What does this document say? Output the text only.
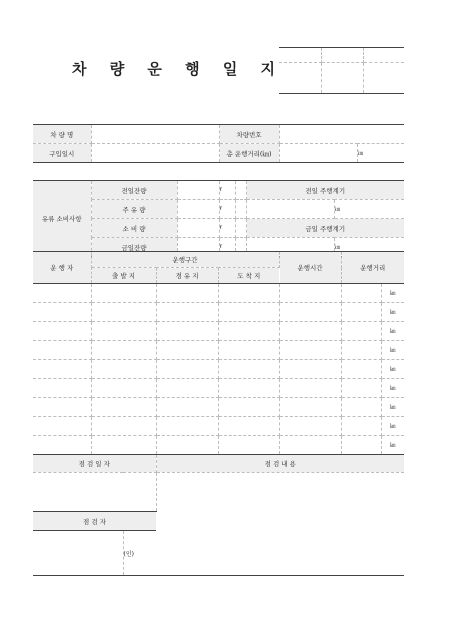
차 량 운 행 일 지

차 량 명		차량번호		
구입일시		총 운행거리(㎞)		㎞
유류 소비사항	전일잔량		ℓ		전일 주행계기	
	주 유 량		ℓ			㎞
	소 비 량		ℓ		금일 주행계기	
	금일잔량		ℓ			㎞
운 행 자	운행구간			운행시간	운행거리	
	출 발 지	경 유 지	도 착 지			
						㎞
						㎞
						㎞
						㎞
						㎞
						㎞
						㎞
						㎞
						㎞
점 검 일 자		점 검 내 용

점 검 자		
	(인)	
